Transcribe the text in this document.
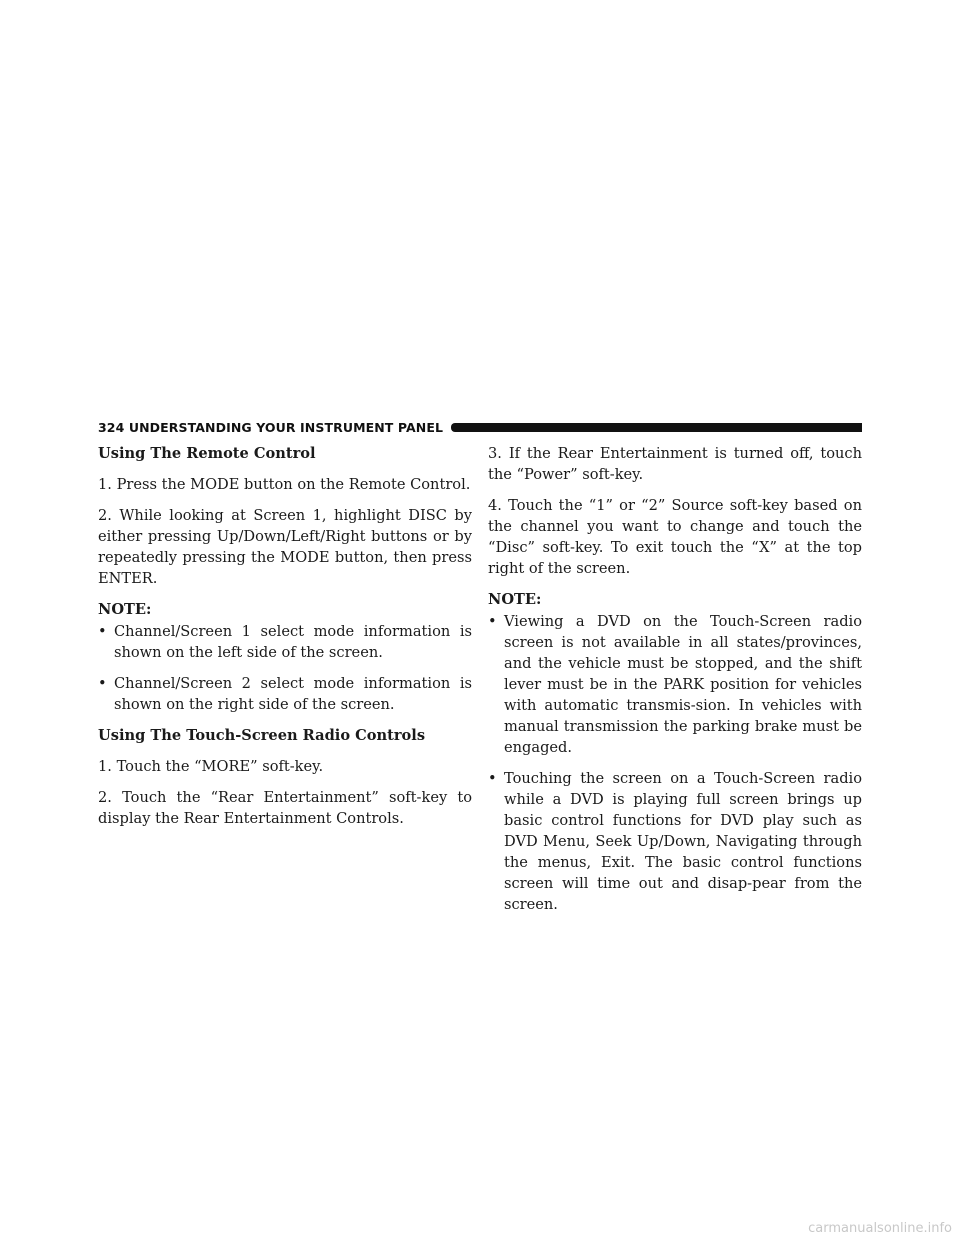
324 UNDERSTANDING YOUR INSTRUMENT PANEL
Using The Remote Control

1. Press the MODE button on the Remote Control.

2. While looking at Screen 1, highlight DISC by either pressing Up/Down/Left/Right buttons or by repeatedly pressing the MODE button, then press ENTER.

NOTE:
• Channel/Screen 1 select mode information is shown on the left side of the screen.
• Channel/Screen 2 select mode information is shown on the right side of the screen.
Using The Touch-Screen Radio Controls

1. Touch the “MORE” soft-key.

2. Touch the “Rear Entertainment” soft-key to display the Rear Entertainment Controls.

3. If the Rear Entertainment is turned off, touch the “Power” soft-key.

4. Touch the “1” or “2” Source soft-key based on the channel you want to change and touch the “Disc” soft-key. To exit touch the “X” at the top right of the screen.

NOTE:
• Viewing a DVD on the Touch-Screen radio screen is not available in all states/provinces, and the vehicle must be stopped, and the shift lever must be in the PARK position for vehicles with automatic transmis-sion. In vehicles with manual transmission the parking brake must be engaged.
• Touching the screen on a Touch-Screen radio while a DVD is playing full screen brings up basic control functions for DVD play such as DVD Menu, Seek Up/Down, Navigating through the menus, Exit. The basic control functions screen will time out and disap-pear from the screen.
carmanualsonline.info
